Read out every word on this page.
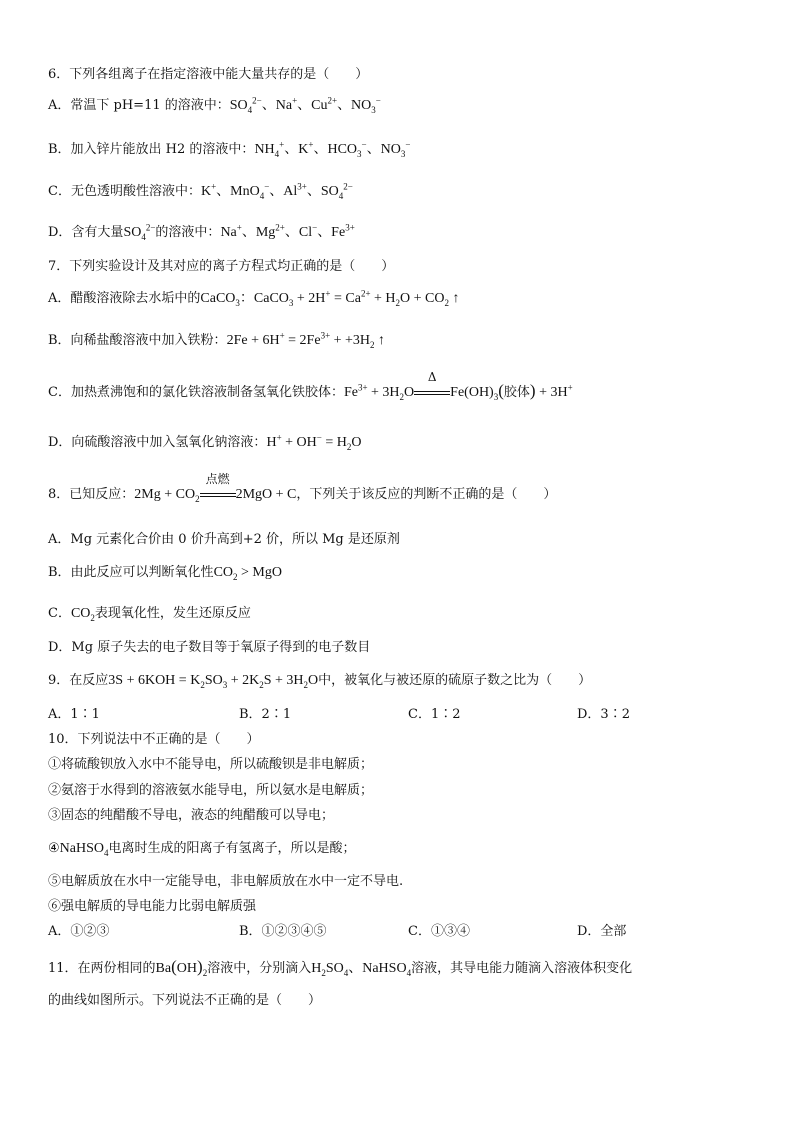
6．下列各组离子在指定溶液中能大量共存的是（　　）
A．常温下 pH=11 的溶液中：$SO_4^{2-}$、Na+、$Cu^{2+}$、$NO_3^-$
B．加入锌片能放出 H2 的溶液中：$NH_4^+$、K+、$HCO_3^-$、$NO_3^-$
C．无色透明酸性溶液中：K+、MnO$_4$−、$Al^{3+}$、$SO_4^{2-}$
D．含有大量$SO_4^{2-}$的溶液中：Na+、$Mg^{2+}$、Cl−、$Fe^{3+}$
7．下列实验设计及其对应的离子方程式均正确的是（　　）
A．醋酸溶液除去水垢中的CaCO$_3$：CaCO$_3$ + $2H^+ = Ca^{2+} + H_2O + CO_2$ ↑
B．向稀盐酸溶液中加入铁粉：$2Fe + 6H^+ = 2Fe^{3+} + +3H_2$ ↑
C．加热煮沸饱和的氯化铁溶液制备氢氧化铁胶体：$Fe^{3+} + 3H_2O$
Δ
$Fe(OH)_3$(胶体) + 3H+
D．向硫酸溶液中加入氢氧化钠溶液：$H^+ + OH^- = H_2O$
8．已知反应：$2Mg + CO_2$
点燃
2MgO + C，下列关于该反应的判断不正确的是（　　）
A．Mg 元素化合价由 0 价升高到+2 价，所以 Mg 是还原剂
B．由此反应可以判断氧化性$CO_2$ > MgO
C．$CO_2$表现氧化性，发生还原反应
D．Mg 原子失去的电子数目等于氧原子得到的电子数目
9．在反应$3S + 6KOH = K_2SO_3 + 2K_2S + 3H_2O$中，被氧化与被还原的硫原子数之比为（　　）
A．1∶1	B．2∶1	C．1∶2	D．3∶2
10．下列说法中不正确的是（　　）
①将硫酸钡放入水中不能导电，所以硫酸钡是非电解质；
②氨溶于水得到的溶液氨水能导电，所以氨水是电解质；
③固态的纯醋酸不导电，液态的纯醋酸可以导电；
④NaHSO$_4$电离时生成的阳离子有氢离子，所以是酸；
⑤电解质放在水中一定能导电，非电解质放在水中一定不导电.
⑥强电解质的导电能力比弱电解质强
A．①②③	B．①②③④⑤	C．①③④	D．全部
11．在两份相同的$Ba(OH)_2$溶液中，分别滴入$H_2SO_4$、NaHSO$_4$溶液，其导电能力随滴入溶液体积变化
的曲线如图所示。下列说法不正确的是（　　）
